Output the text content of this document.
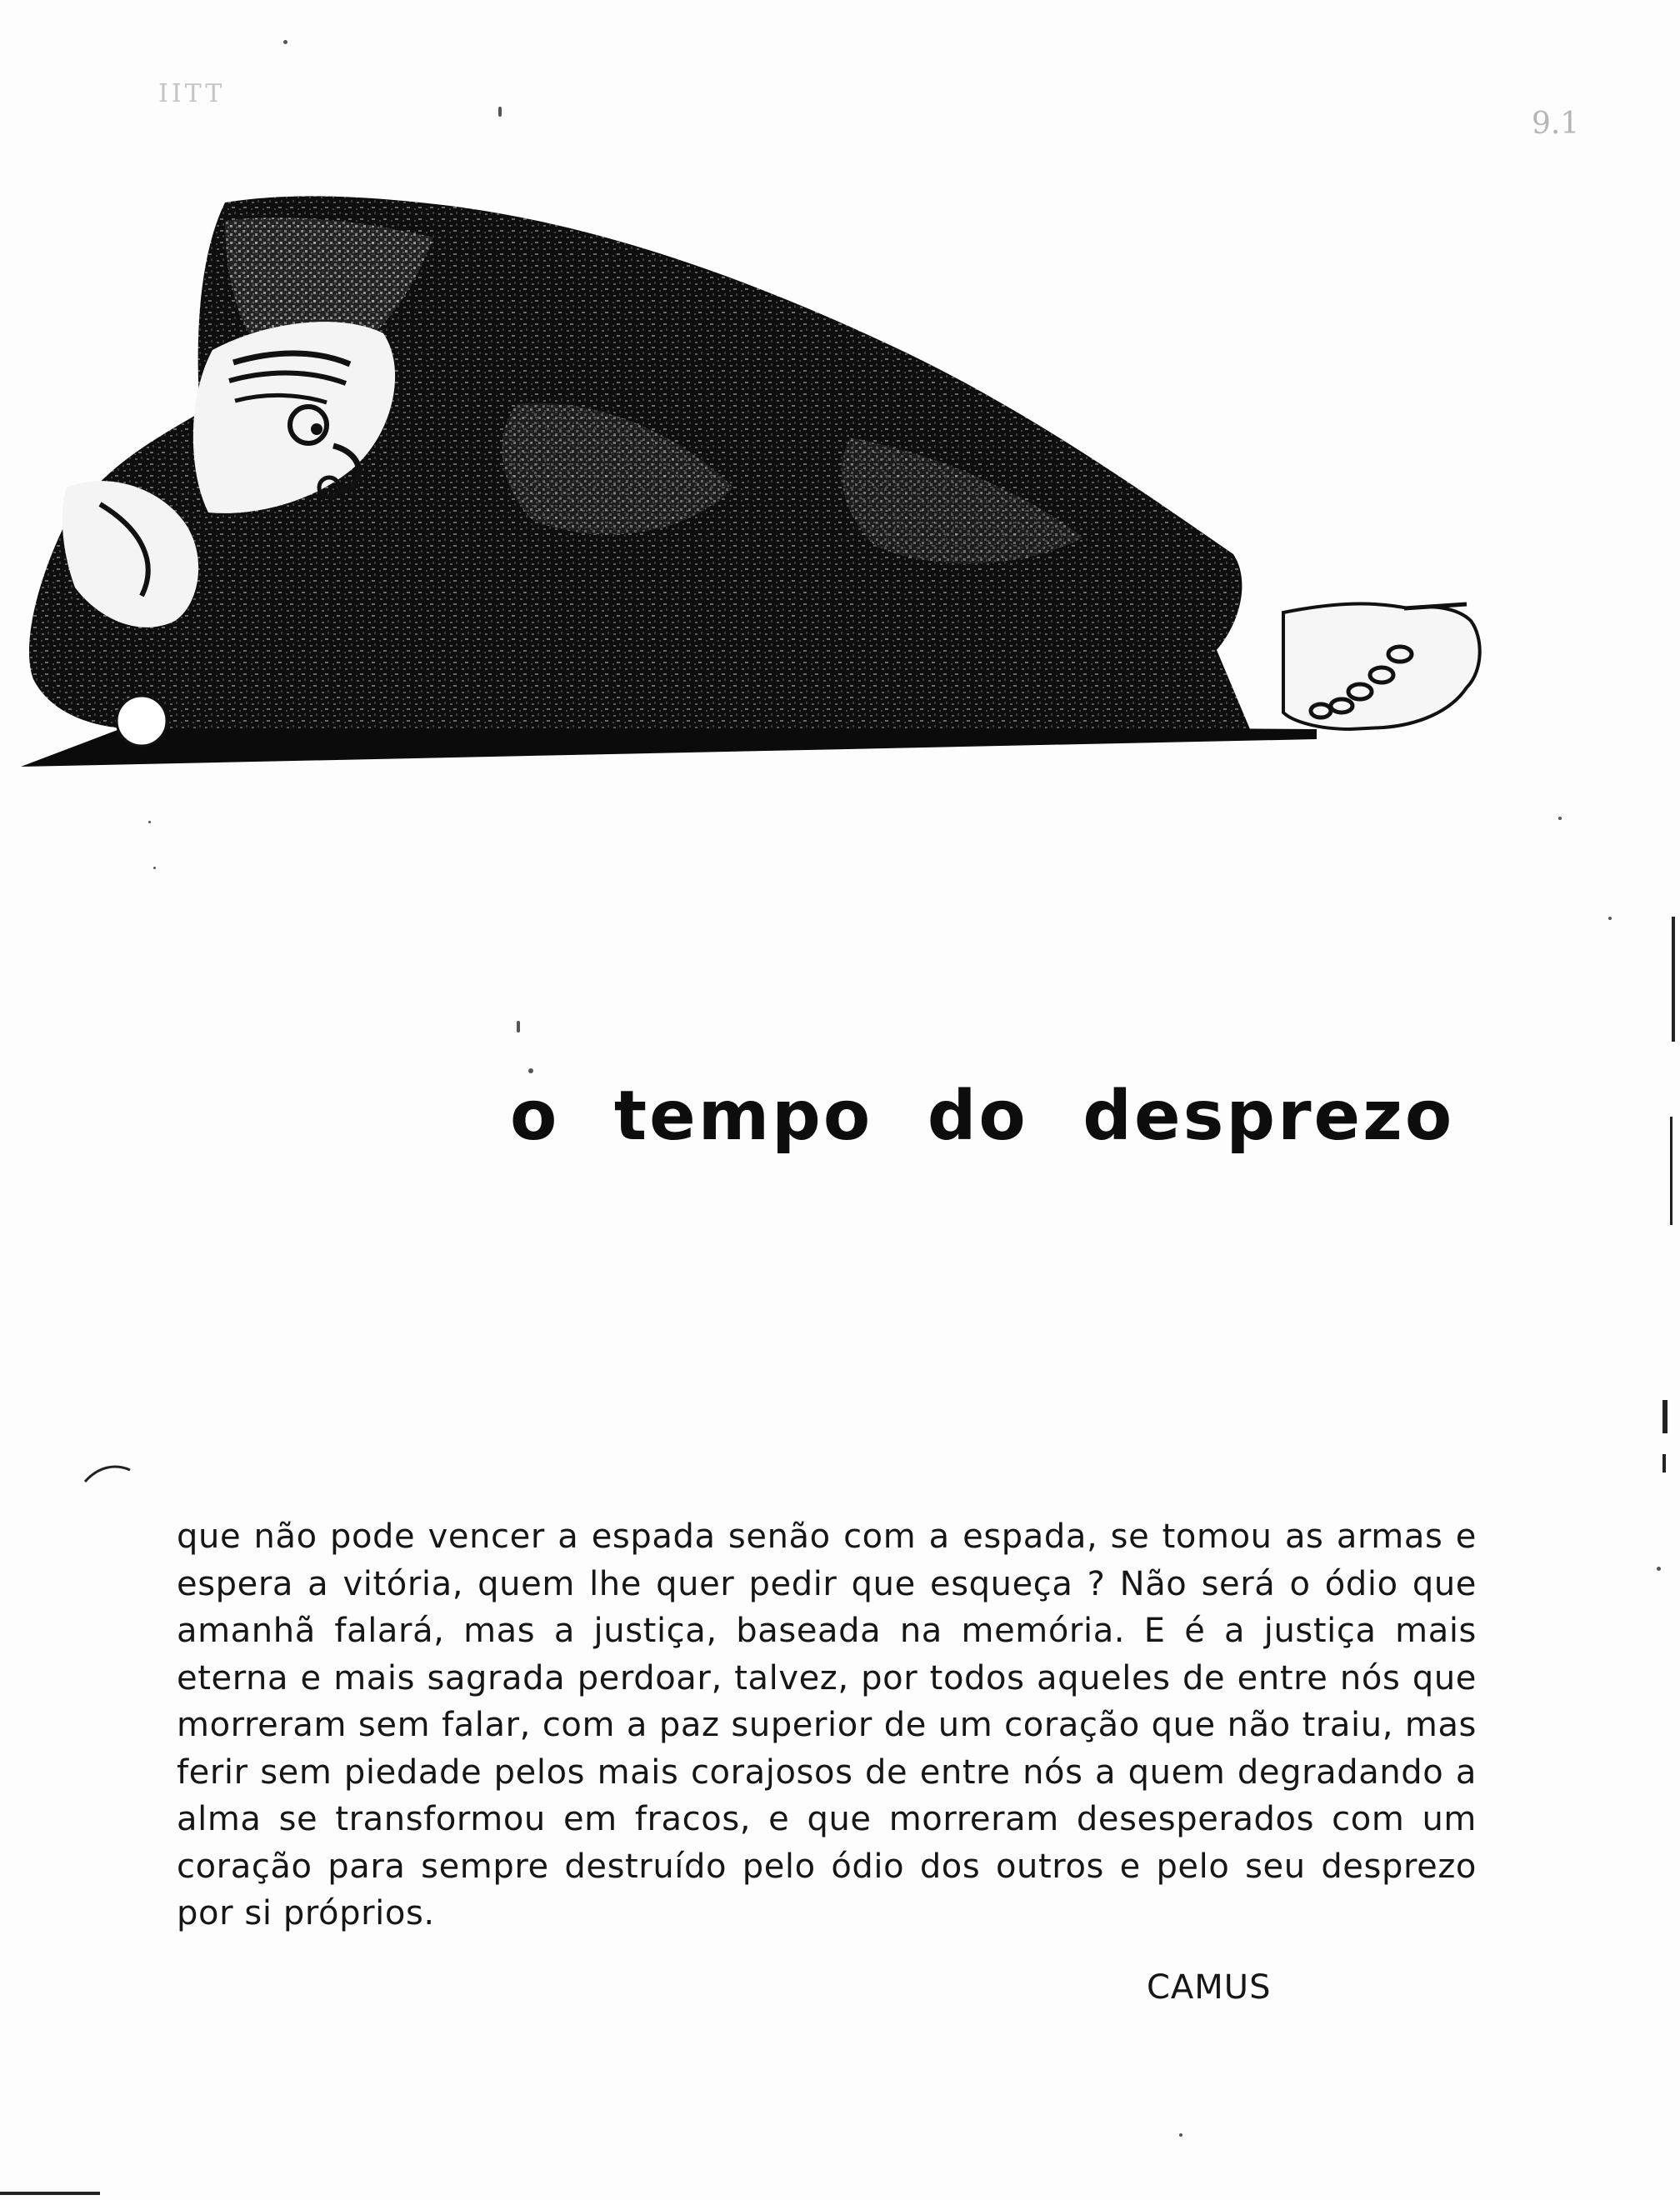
IITT
9.1
o tempo do desprezo

que não pode vencer a espada senão com a espada, se tomou as armas e espera a vitória, quem lhe quer pedir que esqueça ? Não será o ódio que amanhã falará, mas a justiça, baseada na memória. E é a justiça mais eterna e mais sagrada perdoar, talvez, por todos aqueles de entre nós que morreram sem falar, com a paz superior de um coração que não traiu, mas ferir sem piedade pelos mais corajosos de entre nós a quem degradando a alma se transformou em fracos, e que morreram desesperados com um coração para sempre destruído pelo ódio dos outros e pelo seu desprezo por si próprios.

CAMUS
